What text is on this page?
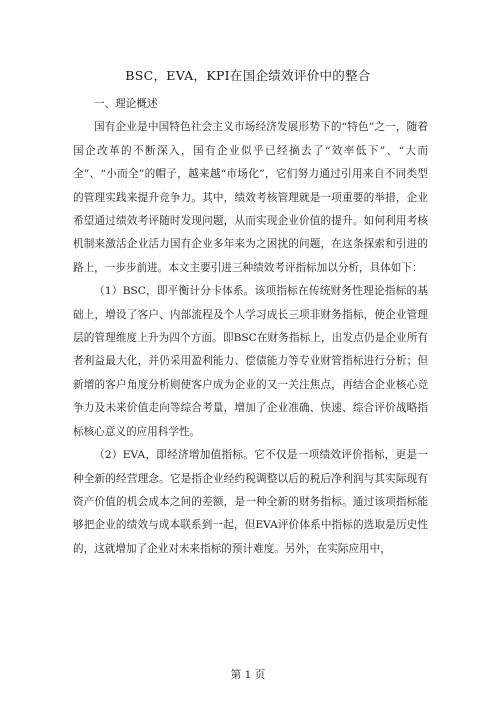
BSC，EVA，KPI在国企绩效评价中的整合

一、理论概述

国有企业是中国特色社会主义市场经济发展形势下的“特色”之一，随着国企改革的不断深入，国有企业似乎已经摘去了“效率低下”、“大而全”、“小而全”的帽子，越来越“市场化”，它们努力通过引用来自不同类型的管理实践来提升竞争力。其中，绩效考核管理就是一项重要的举措，企业希望通过绩效考评随时发现问题，从而实现企业价值的提升。如何利用考核机制来激活企业活力国有企业多年来为之困扰的问题，在这条探索和引进的路上，一步步前进。本文主要引进三种绩效考评指标加以分析，具体如下：

（1）BSC，即平衡计分卡体系。该项指标在传统财务性理论指标的基础上，增设了客户、内部流程及个人学习成长三项非财务指标，使企业管理层的管理维度上升为四个方面。即BSC在财务指标上，出发点仍是企业所有者利益最大化，并仍采用盈利能力、偿债能力等专业财管指标进行分析；但新增的客户角度分析则使客户成为企业的又一关注焦点，再结合企业核心竞争力及未来价值走向等综合考量，增加了企业准确、快速、综合评价战略指标核心意义的应用科学性。

（2）EVA，即经济增加值指标。它不仅是一项绩效评价指标，更是一种全新的经营理念。它是指企业经约税调整以后的税后净利润与其实际现有资产价值的机会成本之间的差额，是一种全新的财务指标。通过该项指标能够把企业的绩效与成本联系到一起，但EVA评价体系中指标的选取是历史性的，这就增加了企业对未来指标的预计难度。另外，在实际应用中，

第 1 页
